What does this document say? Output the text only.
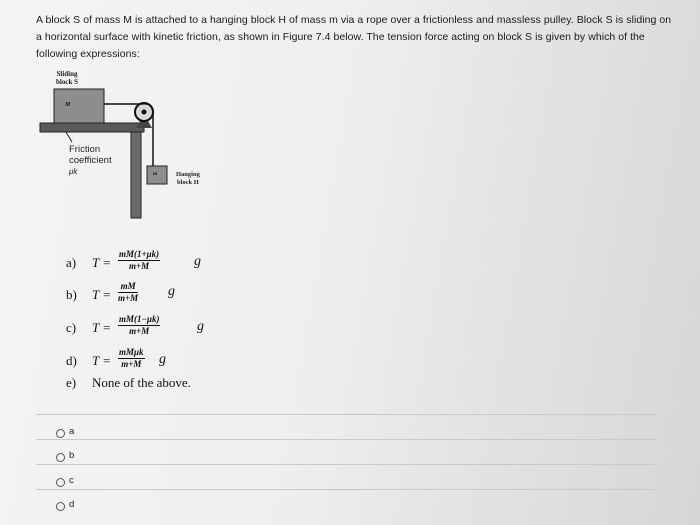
A block S of mass M is attached to a hanging block H of mass m via a rope over a frictionless and massless pulley. Block S is sliding on a horizontal surface with kinetic friction, as shown in Figure 7.4 below. The tension force acting on block S is given by which of the following expressions:
Sliding
block S
M
Friction
coefficient
μk	m	Hanging
block H
a) $T = \frac{mM(1+\mu k)}{m+M}$ g
b) $T = \frac{mM}{m+M}$ g
c) $T = \frac{mM(1-\mu k)}{m+M}$	g
d) T =
mMμk
m+M g
e) None of the above.
a
b
c
d
